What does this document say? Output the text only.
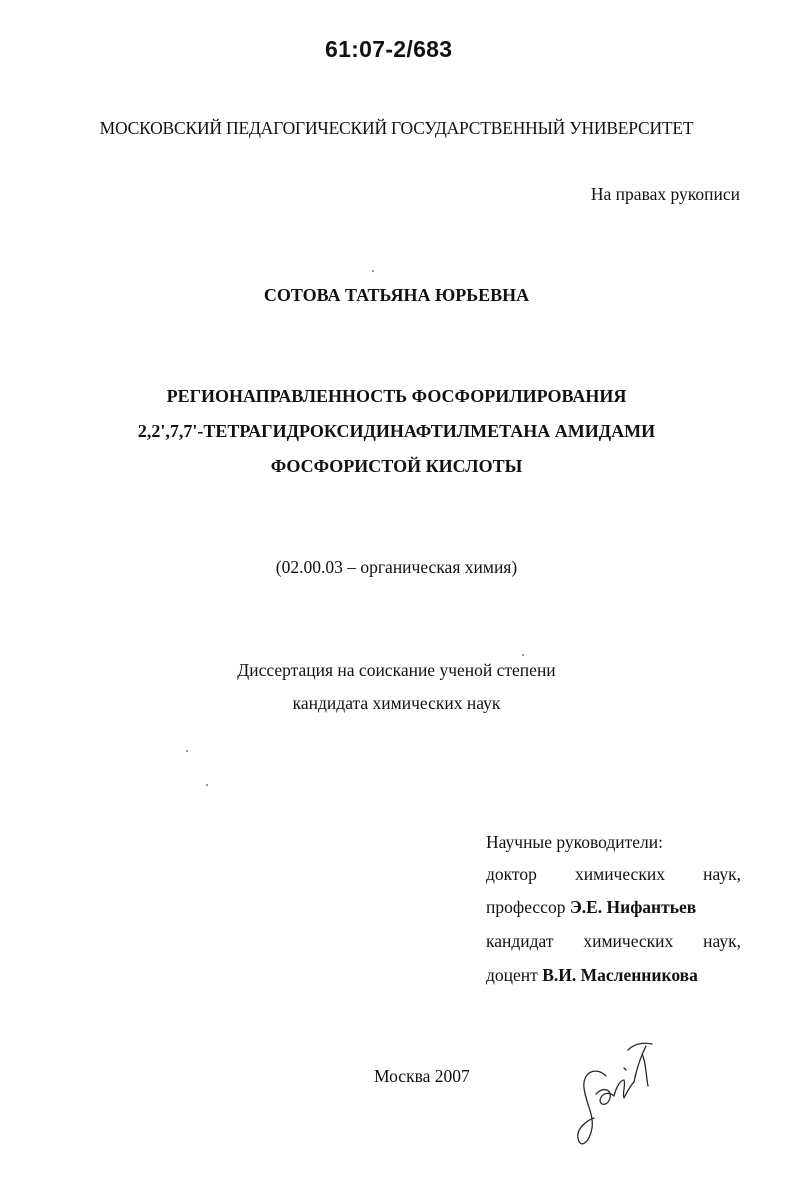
61:07-2/683
МОСКОВСКИЙ ПЕДАГОГИЧЕСКИЙ ГОСУДАРСТВЕННЫЙ УНИВЕРСИТЕТ
На правах рукописи
СОТОВА ТАТЬЯНА ЮРЬЕВНА
РЕГИОНАПРАВЛЕННОСТЬ ФОСФОРИЛИРОВАНИЯ
2,2',7,7'-ТЕТРАГИДРОКСИДИНАФТИЛМЕТАНА АМИДАМИ
ФОСФОРИСТОЙ КИСЛОТЫ
(02.00.03 – органическая химия)
Диссертация на соискание ученой степени
кандидата химических наук
Научные руководители:
доктор химических наук,
профессор Э.Е. Нифантьев
кандидат химических наук,
доцент В.И. Масленникова
Москва 2007
